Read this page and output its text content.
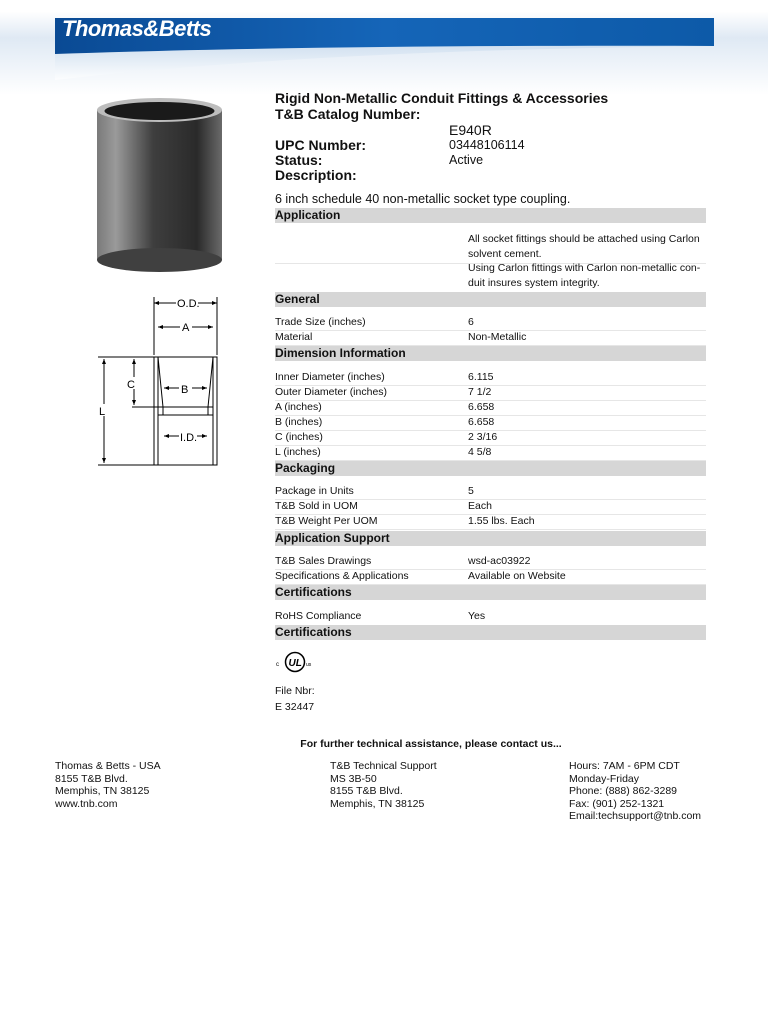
Thomas&Betts
O.D.
A
B
I.D.
C
L
Rigid Non-Metallic Conduit Fittings & Accessories
T&B Catalog Number:
E940R
UPC Number:	03448106114
Status:	Active
Description:
6 inch schedule 40 non-metallic socket type coupling.
Application
All socket fittings should be attached using Carlon solvent cement.
Using Carlon fittings with Carlon non-metallic con-duit insures system integrity.
General
Trade Size (inches)	6
Material	Non-Metallic
Dimension Information
Inner Diameter (inches)	6.115
Outer Diameter (inches)	7 1/2
A (inches)	6.658
B (inches)	6.658
C (inches)	2 3/16
L (inches)	4 5/8
Packaging
Package in Units	5
T&B Sold in UOM	Each
T&B Weight Per UOM	1.55 lbs. Each
Application Support
T&B Sales Drawings	wsd-ac03922
Specifications & Applications	Available on Website
Certifications
RoHS Compliance	Yes
Certifications
UL
c	us
File Nbr:
E 32447
For further technical assistance, please contact us...
Thomas & Betts - USA
8155 T&B Blvd.
Memphis, TN 38125
www.tnb.com
T&B Technical Support
MS 3B-50
8155 T&B Blvd.
Memphis, TN 38125
Hours: 7AM - 6PM CDT
Monday-Friday
Phone: (888) 862-3289
Fax: (901) 252-1321
Email:techsupport@tnb.com
